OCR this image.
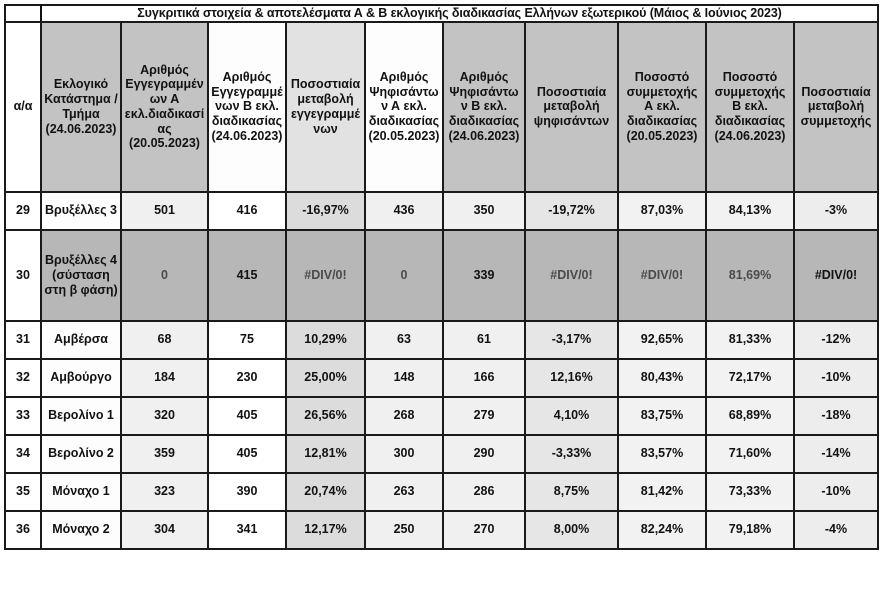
	Συγκριτικά στοιχεία & αποτελέσματα Α & Β εκλογικής διαδικασίας Ελλήνων εξωτερικού (Μάιος & Ιούνιος 2023)									
α/α	Εκλογικό Κατάστημα / Τμήμα (24.06.2023)	Αριθμός Εγγεγραμμένων Α εκλ.διαδικασίας (20.05.2023)	Αριθμός Εγγεγραμμένων Β εκλ. διαδικασίας (24.06.2023)	Ποσοστιαία μεταβολή εγγεγραμμένων	Αριθμός Ψηφισάντων Α εκλ. διαδικασίας (20.05.2023)	Αριθμός Ψηφισάντων Β εκλ. διαδικασίας (24.06.2023)	Ποσοστιαία μεταβολή ψηφισάντων	Ποσοστό συμμετοχής Α εκλ. διαδικασίας (20.05.2023)	Ποσοστό συμμετοχής Β εκλ. διαδικασίας (24.06.2023)	Ποσοστιαία μεταβολή συμμετοχής
29	Βρυξέλλες 3	501	416	-16,97%	436	350	-19,72%	87,03%	84,13%	-3%
30	Βρυξέλλες 4 (σύσταση στη β φάση)	0	415	#DIV/0!	0	339	#DIV/0!	#DIV/0!	81,69%	#DIV/0!
31	Αμβέρσα	68	75	10,29%	63	61	-3,17%	92,65%	81,33%	-12%
32	Αμβούργο	184	230	25,00%	148	166	12,16%	80,43%	72,17%	-10%
33	Βερολίνο 1	320	405	26,56%	268	279	4,10%	83,75%	68,89%	-18%
34	Βερολίνο 2	359	405	12,81%	300	290	-3,33%	83,57%	71,60%	-14%
35	Μόναχο 1	323	390	20,74%	263	286	8,75%	81,42%	73,33%	-10%
36	Μόναχο 2	304	341	12,17%	250	270	8,00%	82,24%	79,18%	-4%
